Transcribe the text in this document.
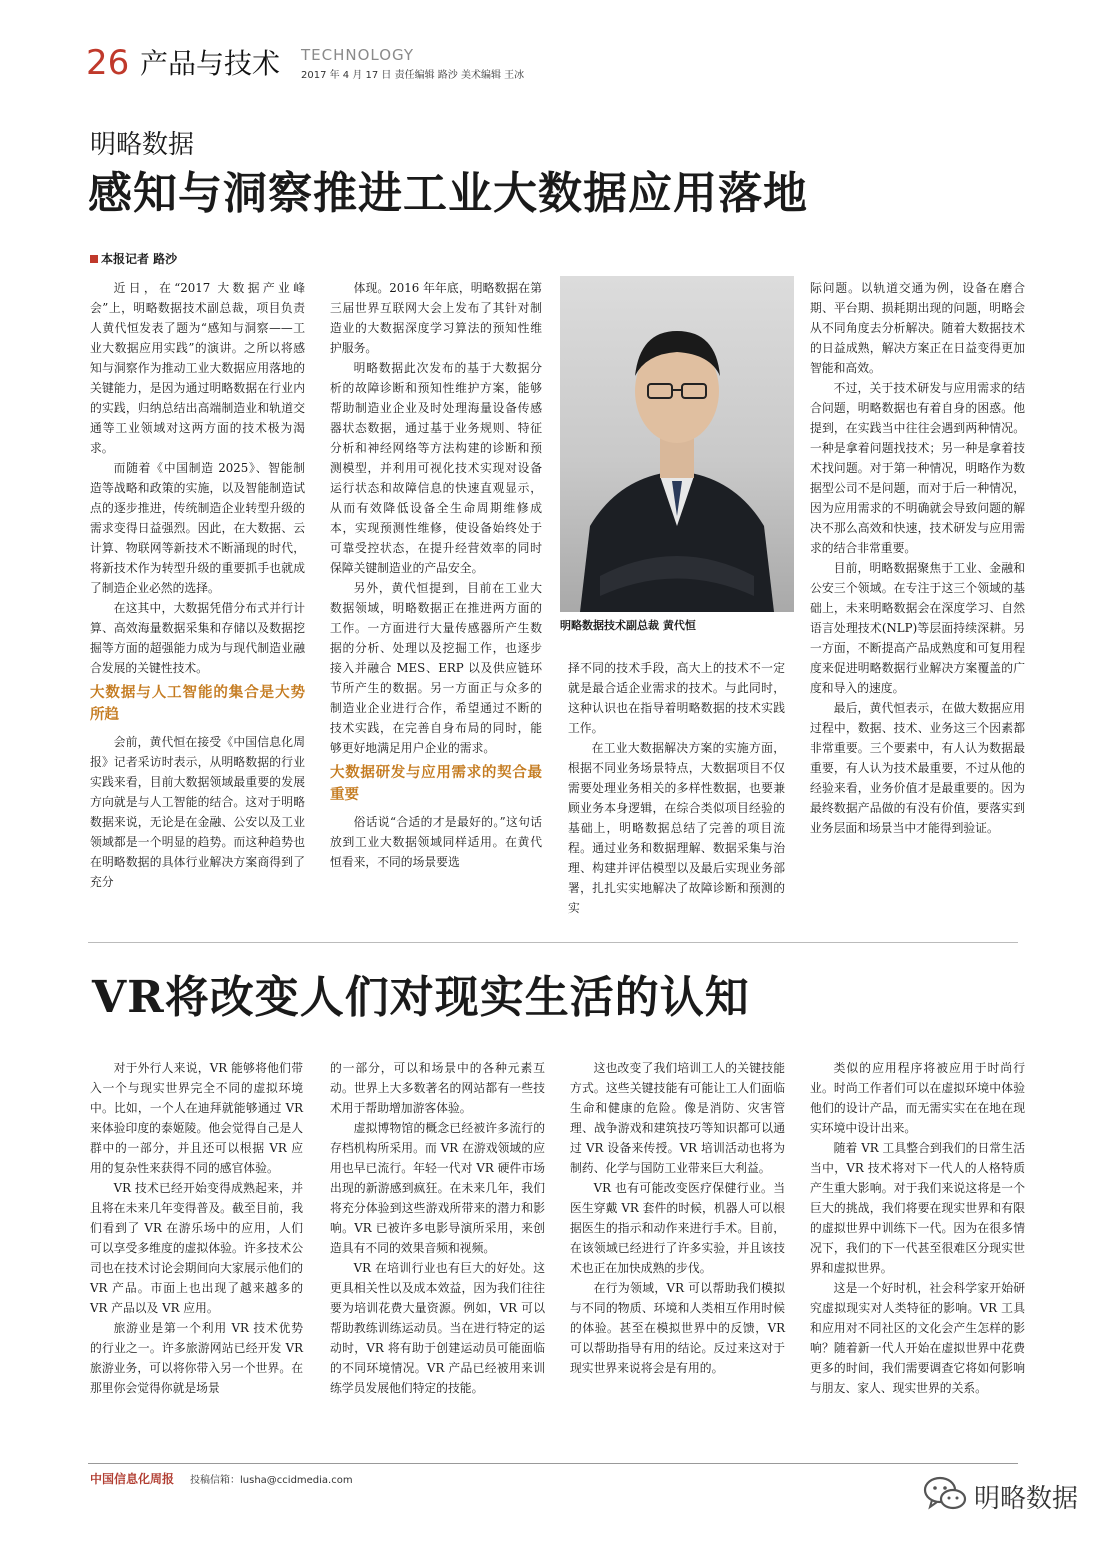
26 产品与技术 TECHNOLOGY
2017 年 4 月 17 日 责任编辑 路沙 美术编辑 王冰
明略数据
感知与洞察推进工业大数据应用落地
本报记者 路沙

近日，在“2017 大数据产业峰会”上，明略数据技术副总裁，项目负责人黄代恒发表了题为“感知与洞察——工业大数据应用实践”的演讲。之所以将感知与洞察作为推动工业大数据应用落地的关键能力，是因为通过明略数据在行业内的实践，归纳总结出高端制造业和轨道交通等工业领域对这两方面的技术极为渴求。

而随着《中国制造 2025》、智能制造等战略和政策的实施，以及智能制造试点的逐步推进，传统制造企业转型升级的需求变得日益强烈。因此，在大数据、云计算、物联网等新技术不断涌现的时代，将新技术作为转型升级的重要抓手也就成了制造企业必然的选择。

在这其中，大数据凭借分布式并行计算、高效海量数据采集和存储以及数据挖掘等方面的超强能力成为与现代制造业融合发展的关键性技术。

大数据与人工智能的集合是大势所趋

会前，黄代恒在接受《中国信息化周报》记者采访时表示，从明略数据的行业实践来看，目前大数据领域最重要的发展方向就是与人工智能的结合。这对于明略数据来说，无论是在金融、公安以及工业领域都是一个明显的趋势。而这种趋势也在明略数据的具体行业解决方案商得到了充分

体现。2016 年年底，明略数据在第三届世界互联网大会上发布了其针对制造业的大数据深度学习算法的预知性维护服务。

明略数据此次发布的基于大数据分析的故障诊断和预知性维护方案，能够帮助制造业企业及时处理海量设备传感器状态数据，通过基于业务规则、特征分析和神经网络等方法构建的诊断和预测模型，并利用可视化技术实现对设备运行状态和故障信息的快速直观显示，从而有效降低设备全生命周期维修成本，实现预测性维修，使设备始终处于可靠受控状态，在提升经营效率的同时保障关键制造业的产品安全。

另外，黄代恒提到，目前在工业大数据领域，明略数据正在推进两方面的工作。一方面进行大量传感器所产生数据的分析、处理以及挖掘工作，也逐步接入并融合 MES、ERP 以及供应链环节所产生的数据。另一方面正与众多的制造业企业进行合作，希望通过不断的技术实践，在完善自身布局的同时，能够更好地满足用户企业的需求。

大数据研发与应用需求的契合最重要

俗话说“合适的才是最好的。”这句话放到工业大数据领域同样适用。在黄代恒看来，不同的场景要选

明略数据技术副总裁 黄代恒

择不同的技术手段，高大上的技术不一定就是最合适企业需求的技术。与此同时，这种认识也在指导着明略数据的技术实践工作。

在工业大数据解决方案的实施方面，根据不同业务场景特点，大数据项目不仅需要处理业务相关的多样性数据，也要兼顾业务本身逻辑，在综合类似项目经验的基础上，明略数据总结了完善的项目流程。通过业务和数据理解、数据采集与治理、构建并评估模型以及最后实现业务部署，扎扎实实地解决了故障诊断和预测的实

际问题。以轨道交通为例，设备在磨合期、平台期、损耗期出现的问题，明略会从不同角度去分析解决。随着大数据技术的日益成熟，解决方案正在日益变得更加智能和高效。

不过，关于技术研发与应用需求的结合问题，明略数据也有着自身的困惑。他提到，在实践当中往往会遇到两种情况。一种是拿着问题找技术；另一种是拿着技术找问题。对于第一种情况，明略作为数据型公司不是问题，而对于后一种情况，因为应用需求的不明确就会导致问题的解决不那么高效和快速，技术研发与应用需求的结合非常重要。

目前，明略数据聚焦于工业、金融和公安三个领域。在专注于这三个领域的基础上，未来明略数据会在深度学习、自然语言处理技术(NLP)等层面持续深耕。另一方面，不断提高产品成熟度和可复用程度来促进明略数据行业解决方案覆盖的广度和导入的速度。

最后，黄代恒表示，在做大数据应用过程中，数据、技术、业务这三个因素都非常重要。三个要素中，有人认为数据最重要，有人认为技术最重要，不过从他的经验来看，业务价值才是最重要的。因为最终数据产品做的有没有价值，要落实到业务层面和场景当中才能得到验证。

VR将改变人们对现实生活的认知

对于外行人来说，VR 能够将他们带入一个与现实世界完全不同的虚拟环境中。比如，一个人在迪拜就能够通过 VR 来体验印度的泰姬陵。他会觉得自己是人群中的一部分，并且还可以根据 VR 应用的复杂性来获得不同的感官体验。

VR 技术已经开始变得成熟起来，并且将在未来几年变得普及。截至目前，我们看到了 VR 在游乐场中的应用，人们可以享受多维度的虚拟体验。许多技术公司也在技术讨论会期间向大家展示他们的 VR 产品。市面上也出现了越来越多的 VR 产品以及 VR 应用。

旅游业是第一个利用 VR 技术优势的行业之一。许多旅游网站已经开发 VR 旅游业务，可以将你带入另一个世界。在那里你会觉得你就是场景

的一部分，可以和场景中的各种元素互动。世界上大多数著名的网站都有一些技术用于帮助增加游客体验。

虚拟博物馆的概念已经被许多流行的存档机构所采用。而 VR 在游戏领域的应用也早已流行。年轻一代对 VR 硬件市场出现的新游感到疯狂。在未来几年，我们将充分体验到这些游戏所带来的潜力和影响。VR 已被许多电影导演所采用，来创造具有不同的效果音频和视频。

VR 在培训行业也有巨大的好处。这更具相关性以及成本效益，因为我们往往要为培训花费大量资源。例如，VR 可以帮助教练训练运动员。当在进行特定的运动时，VR 将有助于创建运动员可能面临的不同环境情况。VR 产品已经被用来训练学员发展他们特定的技能。

这也改变了我们培训工人的关键技能方式。这些关键技能有可能让工人们面临生命和健康的危险。像是消防、灾害管理、战争游戏和建筑技巧等知识都可以通过 VR 设备来传授。VR 培训活动也将为制药、化学与国防工业带来巨大利益。

VR 也有可能改变医疗保健行业。当医生穿戴 VR 套件的时候，机器人可以根据医生的指示和动作来进行手术。目前，在该领域已经进行了许多实验，并且该技术也正在加快成熟的步伐。

在行为领域，VR 可以帮助我们模拟与不同的物质、环境和人类相互作用时候的体验。甚至在模拟世界中的反馈，VR 可以帮助指导有用的结论。反过来这对于现实世界来说将会是有用的。

类似的应用程序将被应用于时尚行业。时尚工作者们可以在虚拟环境中体验他们的设计产品，而无需实实在在地在现实环境中设计出来。

随着 VR 工具整合到我们的日常生活当中，VR 技术将对下一代人的人格特质产生重大影响。对于我们来说这将是一个巨大的挑战，我们将要在现实世界和有限的虚拟世界中训练下一代。因为在很多情况下，我们的下一代甚至很难区分现实世界和虚拟世界。

这是一个好时机，社会科学家开始研究虚拟现实对人类特征的影响。VR 工具和应用对不同社区的文化会产生怎样的影响？随着新一代人开始在虚拟世界中花费更多的时间，我们需要调查它将如何影响与朋友、家人、现实世界的关系。

中国信息化周报 投稿信箱：lusha@ccidmedia.com
明略数据
